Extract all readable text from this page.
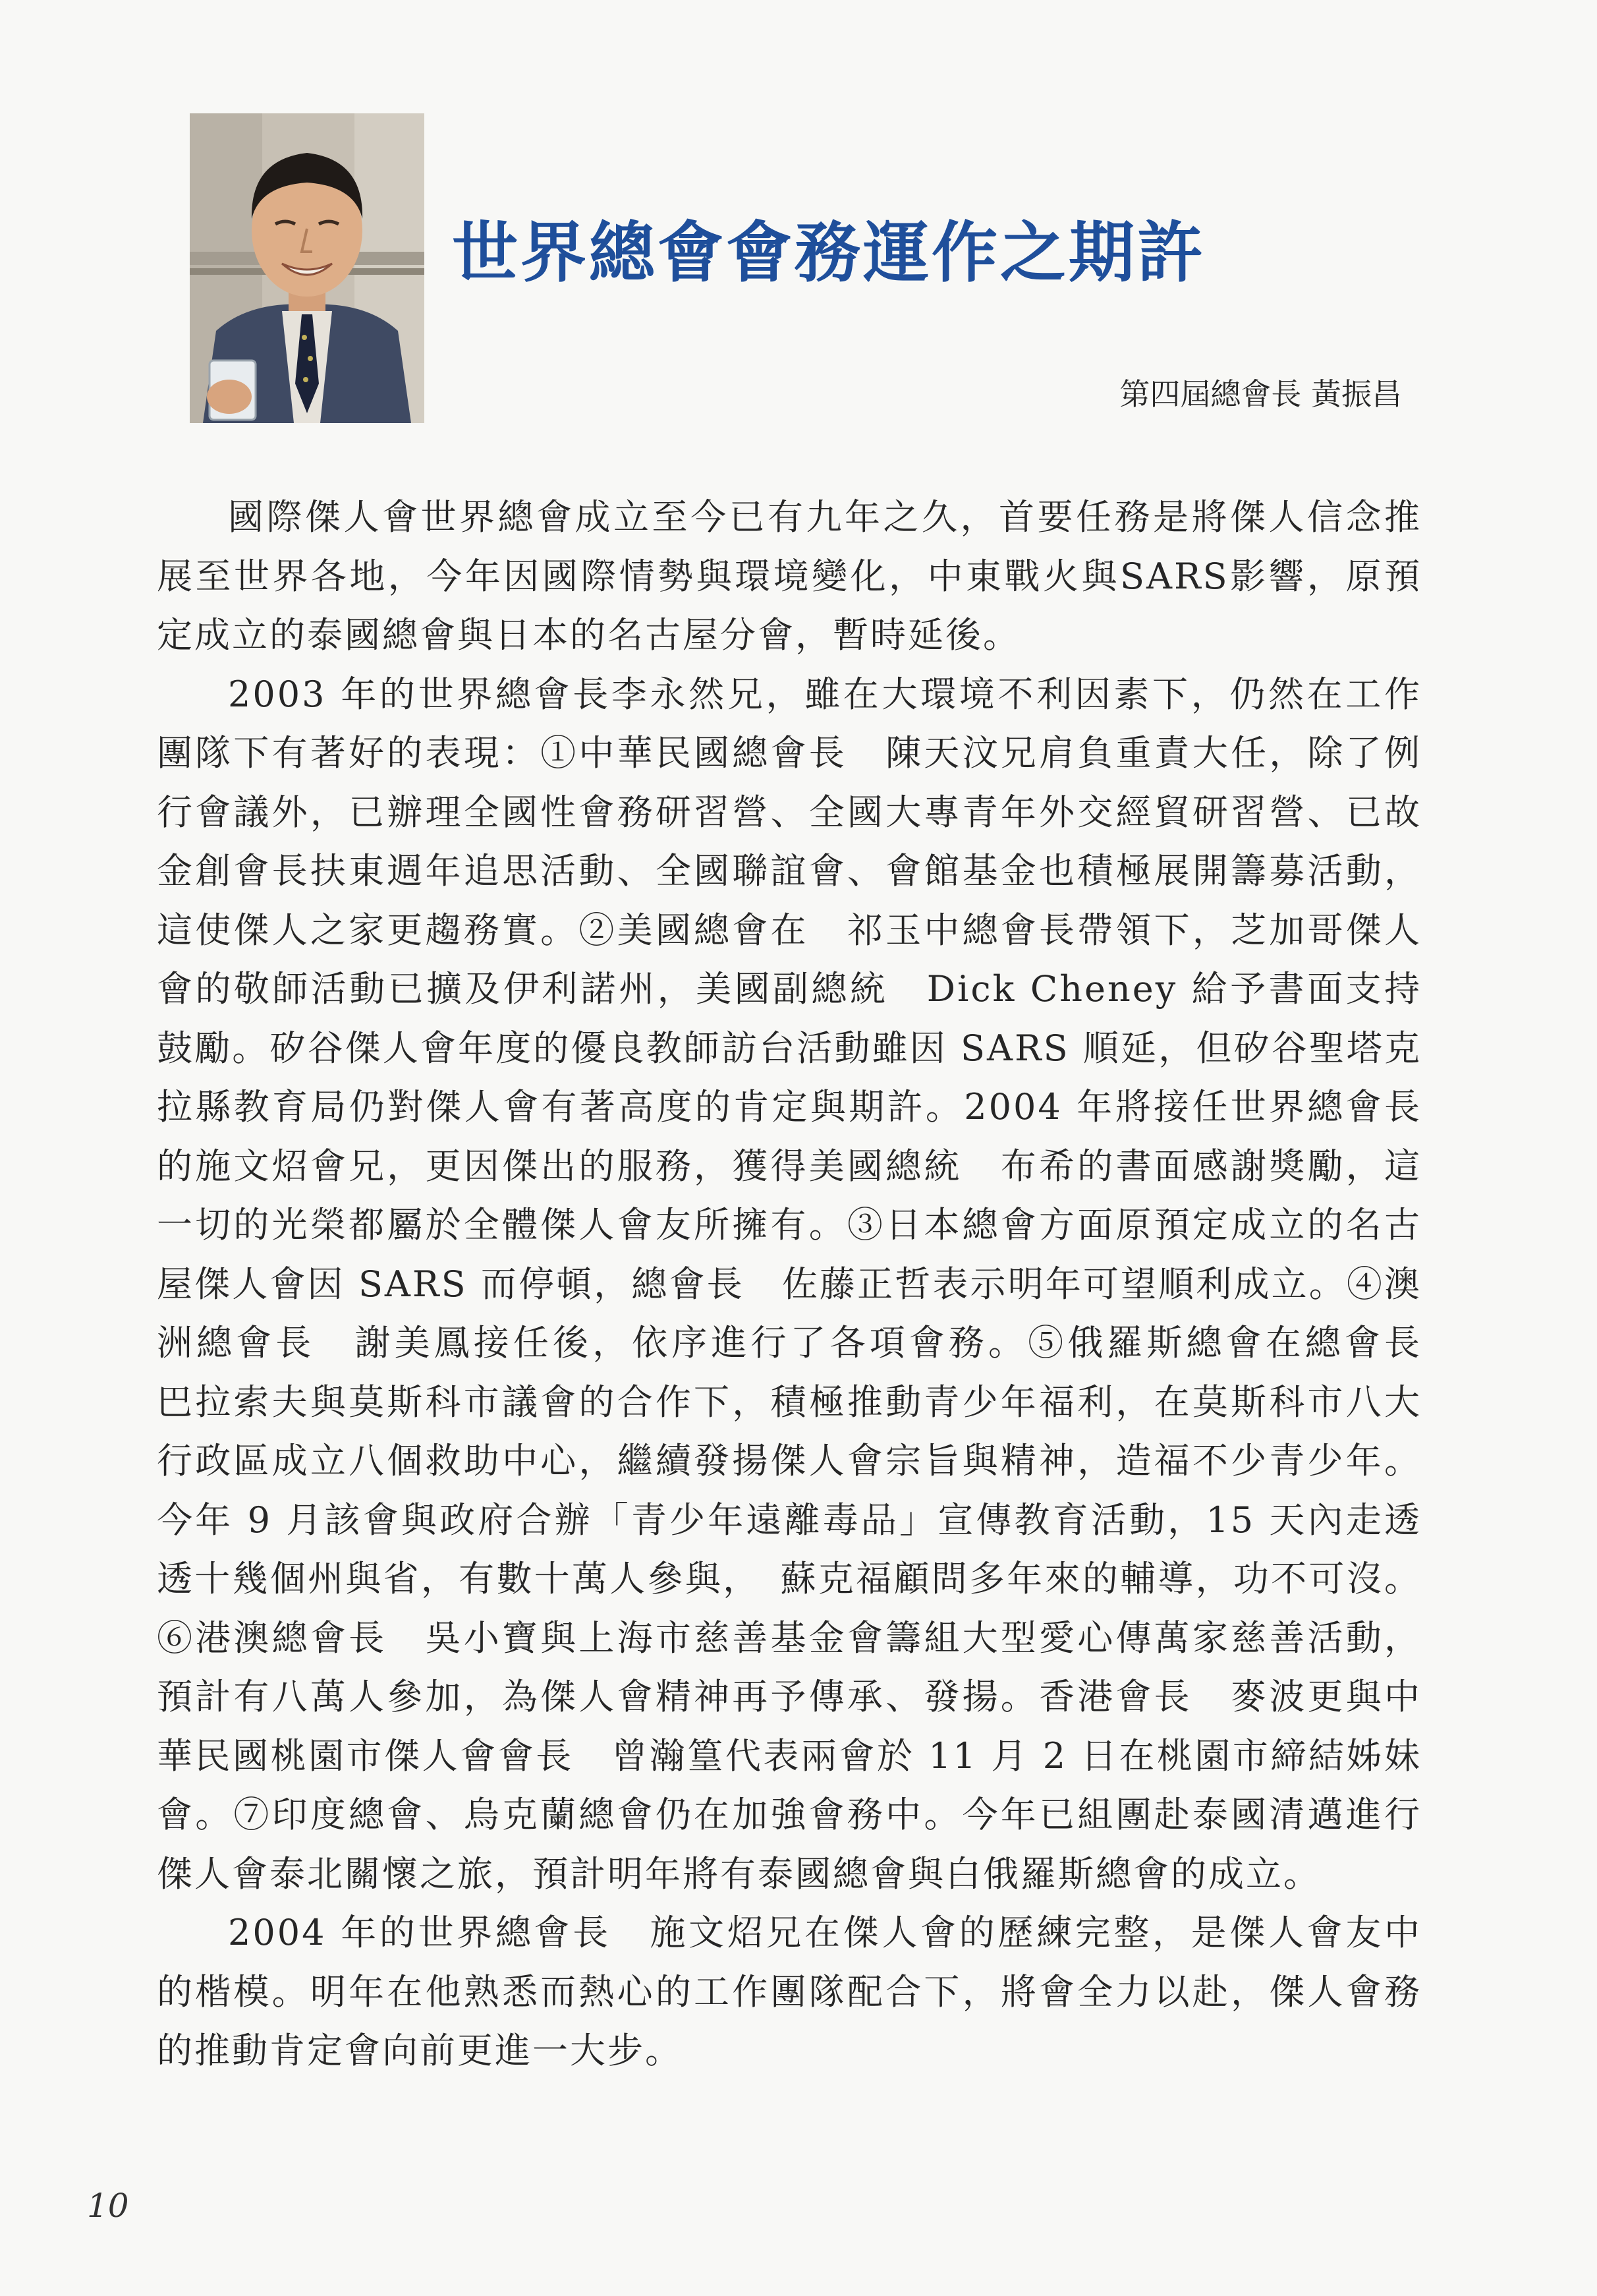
世界總會會務運作之期許
第四屆總會長 黃振昌

國際傑人會世界總會成立至今已有九年之久，首要任務是將傑人信念推展至世界各地，今年因國際情勢與環境變化，中東戰火與SARS影響，原預定成立的泰國總會與日本的名古屋分會，暫時延後。

2003 年的世界總會長李永然兄，雖在大環境不利因素下，仍然在工作團隊下有著好的表現：①中華民國總會長　陳天汶兄肩負重責大任，除了例行會議外，已辦理全國性會務研習營、全國大專青年外交經貿研習營、已故金創會長扶東週年追思活動、全國聯誼會、會館基金也積極展開籌募活動，這使傑人之家更趨務實。②美國總會在　祁玉中總會長帶領下，芝加哥傑人會的敬師活動已擴及伊利諾州，美國副總統　Dick Cheney 給予書面支持鼓勵。矽谷傑人會年度的優良教師訪台活動雖因 SARS 順延，但矽谷聖塔克拉縣教育局仍對傑人會有著高度的肯定與期許。2004 年將接任世界總會長的施文炤會兄，更因傑出的服務，獲得美國總統　布希的書面感謝獎勵，這一切的光榮都屬於全體傑人會友所擁有。③日本總會方面原預定成立的名古屋傑人會因 SARS 而停頓，總會長　佐藤正哲表示明年可望順利成立。④澳洲總會長　謝美鳳接任後，依序進行了各項會務。⑤俄羅斯總會在總會長　巴拉索夫與莫斯科市議會的合作下，積極推動青少年福利，在莫斯科市八大行政區成立八個救助中心，繼續發揚傑人會宗旨與精神，造福不少青少年。今年 9 月該會與政府合辦「青少年遠離毒品」宣傳教育活動，15 天內走透透十幾個州與省，有數十萬人參與，　蘇克福顧問多年來的輔導，功不可沒。⑥港澳總會長　吳小寶與上海市慈善基金會籌組大型愛心傳萬家慈善活動，預計有八萬人參加，為傑人會精神再予傳承、發揚。香港會長　麥波更與中華民國桃園市傑人會會長　曾瀚篁代表兩會於 11 月 2 日在桃園市締結姊妹會。⑦印度總會、烏克蘭總會仍在加強會務中。今年已組團赴泰國清邁進行傑人會泰北關懷之旅，預計明年將有泰國總會與白俄羅斯總會的成立。

2004 年的世界總會長　施文炤兄在傑人會的歷練完整，是傑人會友中的楷模。明年在他熟悉而熱心的工作團隊配合下，將會全力以赴，傑人會務的推動肯定會向前更進一大步。

10
